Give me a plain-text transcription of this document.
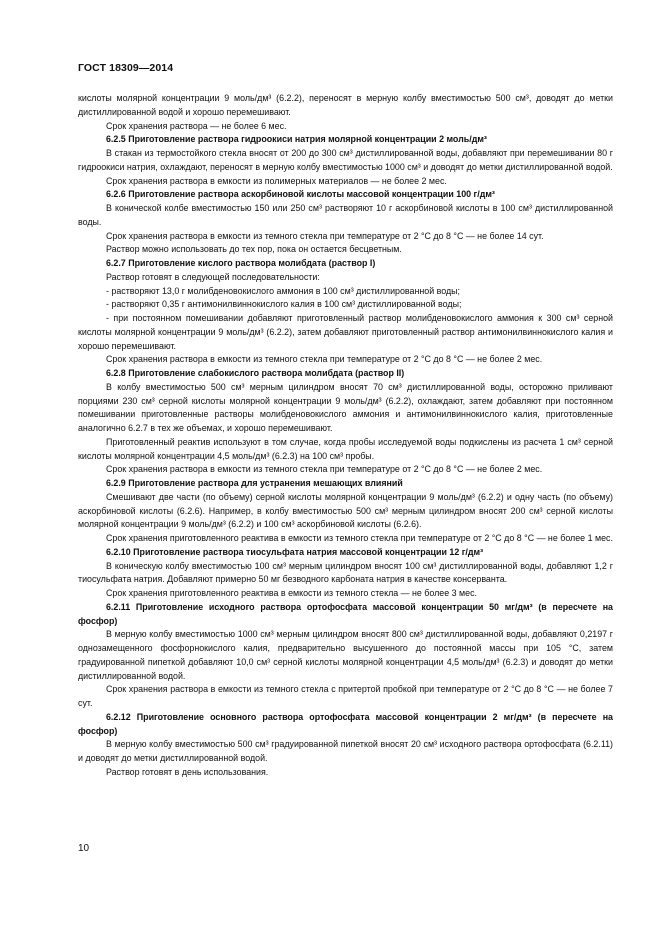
ГОСТ 18309—2014

кислоты молярной концентрации 9 моль/дм³ (6.2.2), переносят в мерную колбу вместимостью 500 см³, доводят до метки дистиллированной водой и хорошо перемешивают.

Срок хранения раствора — не более 6 мес.

6.2.5 Приготовление раствора гидроокиси натрия молярной концентрации 2 моль/дм³

В стакан из термостойкого стекла вносят от 200 до 300 см³ дистиллированной воды, добавляют при перемешивании 80 г гидроокиси натрия, охлаждают, переносят в мерную колбу вместимостью 1000 см³ и доводят до метки дистиллированной водой.

Срок хранения раствора в емкости из полимерных материалов — не более 2 мес.

6.2.6 Приготовление раствора аскорбиновой кислоты массовой концентрации 100 г/дм³

В конической колбе вместимостью 150 или 250 см³ растворяют 10 г аскорбиновой кислоты в 100 см³ дистиллированной воды.

Срок хранения раствора в емкости из темного стекла при температуре от 2 °С до 8 °С — не более 14 сут.

Раствор можно использовать до тех пор, пока он остается бесцветным.

6.2.7 Приготовление кислого раствора молибдата (раствор I)

Раствор готовят в следующей последовательности:

- растворяют 13,0 г молибденовокислого аммония в 100 см³ дистиллированной воды;

- растворяют 0,35 г антимонилвиннокислого калия в 100 см³ дистиллированной воды;

- при постоянном помешивании добавляют приготовленный раствор молибденовокислого аммония к 300 см³ серной кислоты молярной концентрации 9 моль/дм³ (6.2.2), затем добавляют приготовленный раствор антимонилвиннокислого калия и хорошо перемешивают.

Срок хранения раствора в емкости из темного стекла при температуре от 2 °С до 8 °С — не более 2 мес.

6.2.8 Приготовление слабокислого раствора молибдата (раствор II)

В колбу вместимостью 500 см³ мерным цилиндром вносят 70 см³ дистиллированной воды, осторожно приливают порциями 230 см³ серной кислоты молярной концентрации 9 моль/дм³ (6.2.2), охлаждают, затем добавляют при постоянном помешивании приготовленные растворы молибденовокислого аммония и антимонилвиннокислого калия, приготовленные аналогично 6.2.7 в тех же объемах, и хорошо перемешивают.

Приготовленный реактив используют в том случае, когда пробы исследуемой воды подкислены из расчета 1 см³ серной кислоты молярной концентрации 4,5 моль/дм³ (6.2.3) на 100 см³ пробы.

Срок хранения раствора в емкости из темного стекла при температуре от 2 °С до 8 °С — не более 2 мес.

6.2.9 Приготовление раствора для устранения мешающих влияний

Смешивают две части (по объему) серной кислоты молярной концентрации 9 моль/дм³ (6.2.2) и одну часть (по объему) аскорбиновой кислоты (6.2.6). Например, в колбу вместимостью 500 см³ мерным цилиндром вносят 200 см³ серной кислоты молярной концентрации 9 моль/дм³ (6.2.2) и 100 см³ аскорбиновой кислоты (6.2.6).

Срок хранения приготовленного реактива в емкости из темного стекла при температуре от 2 °С до 8 °С — не более 1 мес.

6.2.10 Приготовление раствора тиосульфата натрия массовой концентрации 12 г/дм³

В коническую колбу вместимостью 100 см³ мерным цилиндром вносят 100 см³ дистиллированной воды, добавляют 1,2 г тиосульфата натрия. Добавляют примерно 50 мг безводного карбоната натрия в качестве консерванта.

Срок хранения приготовленного реактива в емкости из темного стекла — не более 3 мес.

6.2.11 Приготовление исходного раствора ортофосфата массовой концентрации 50 мг/дм³ (в пересчете на фосфор)

В мерную колбу вместимостью 1000 см³ мерным цилиндром вносят 800 см³ дистиллированной воды, добавляют 0,2197 г однозамещенного фосфорнокислого калия, предварительно высушенного до постоянной массы при 105 °С, затем градуированной пипеткой добавляют 10,0 см³ серной кислоты молярной концентрации 4,5 моль/дм³ (6.2.3) и доводят до метки дистиллированной водой.

Срок хранения раствора в емкости из темного стекла с притертой пробкой при температуре от 2 °С до 8 °С — не более 7 сут.

6.2.12 Приготовление основного раствора ортофосфата массовой концентрации 2 мг/дм³ (в пересчете на фосфор)

В мерную колбу вместимостью 500 см³ градуированной пипеткой вносят 20 см³ исходного раствора ортофосфата (6.2.11) и доводят до метки дистиллированной водой.

Раствор готовят в день использования.

10
